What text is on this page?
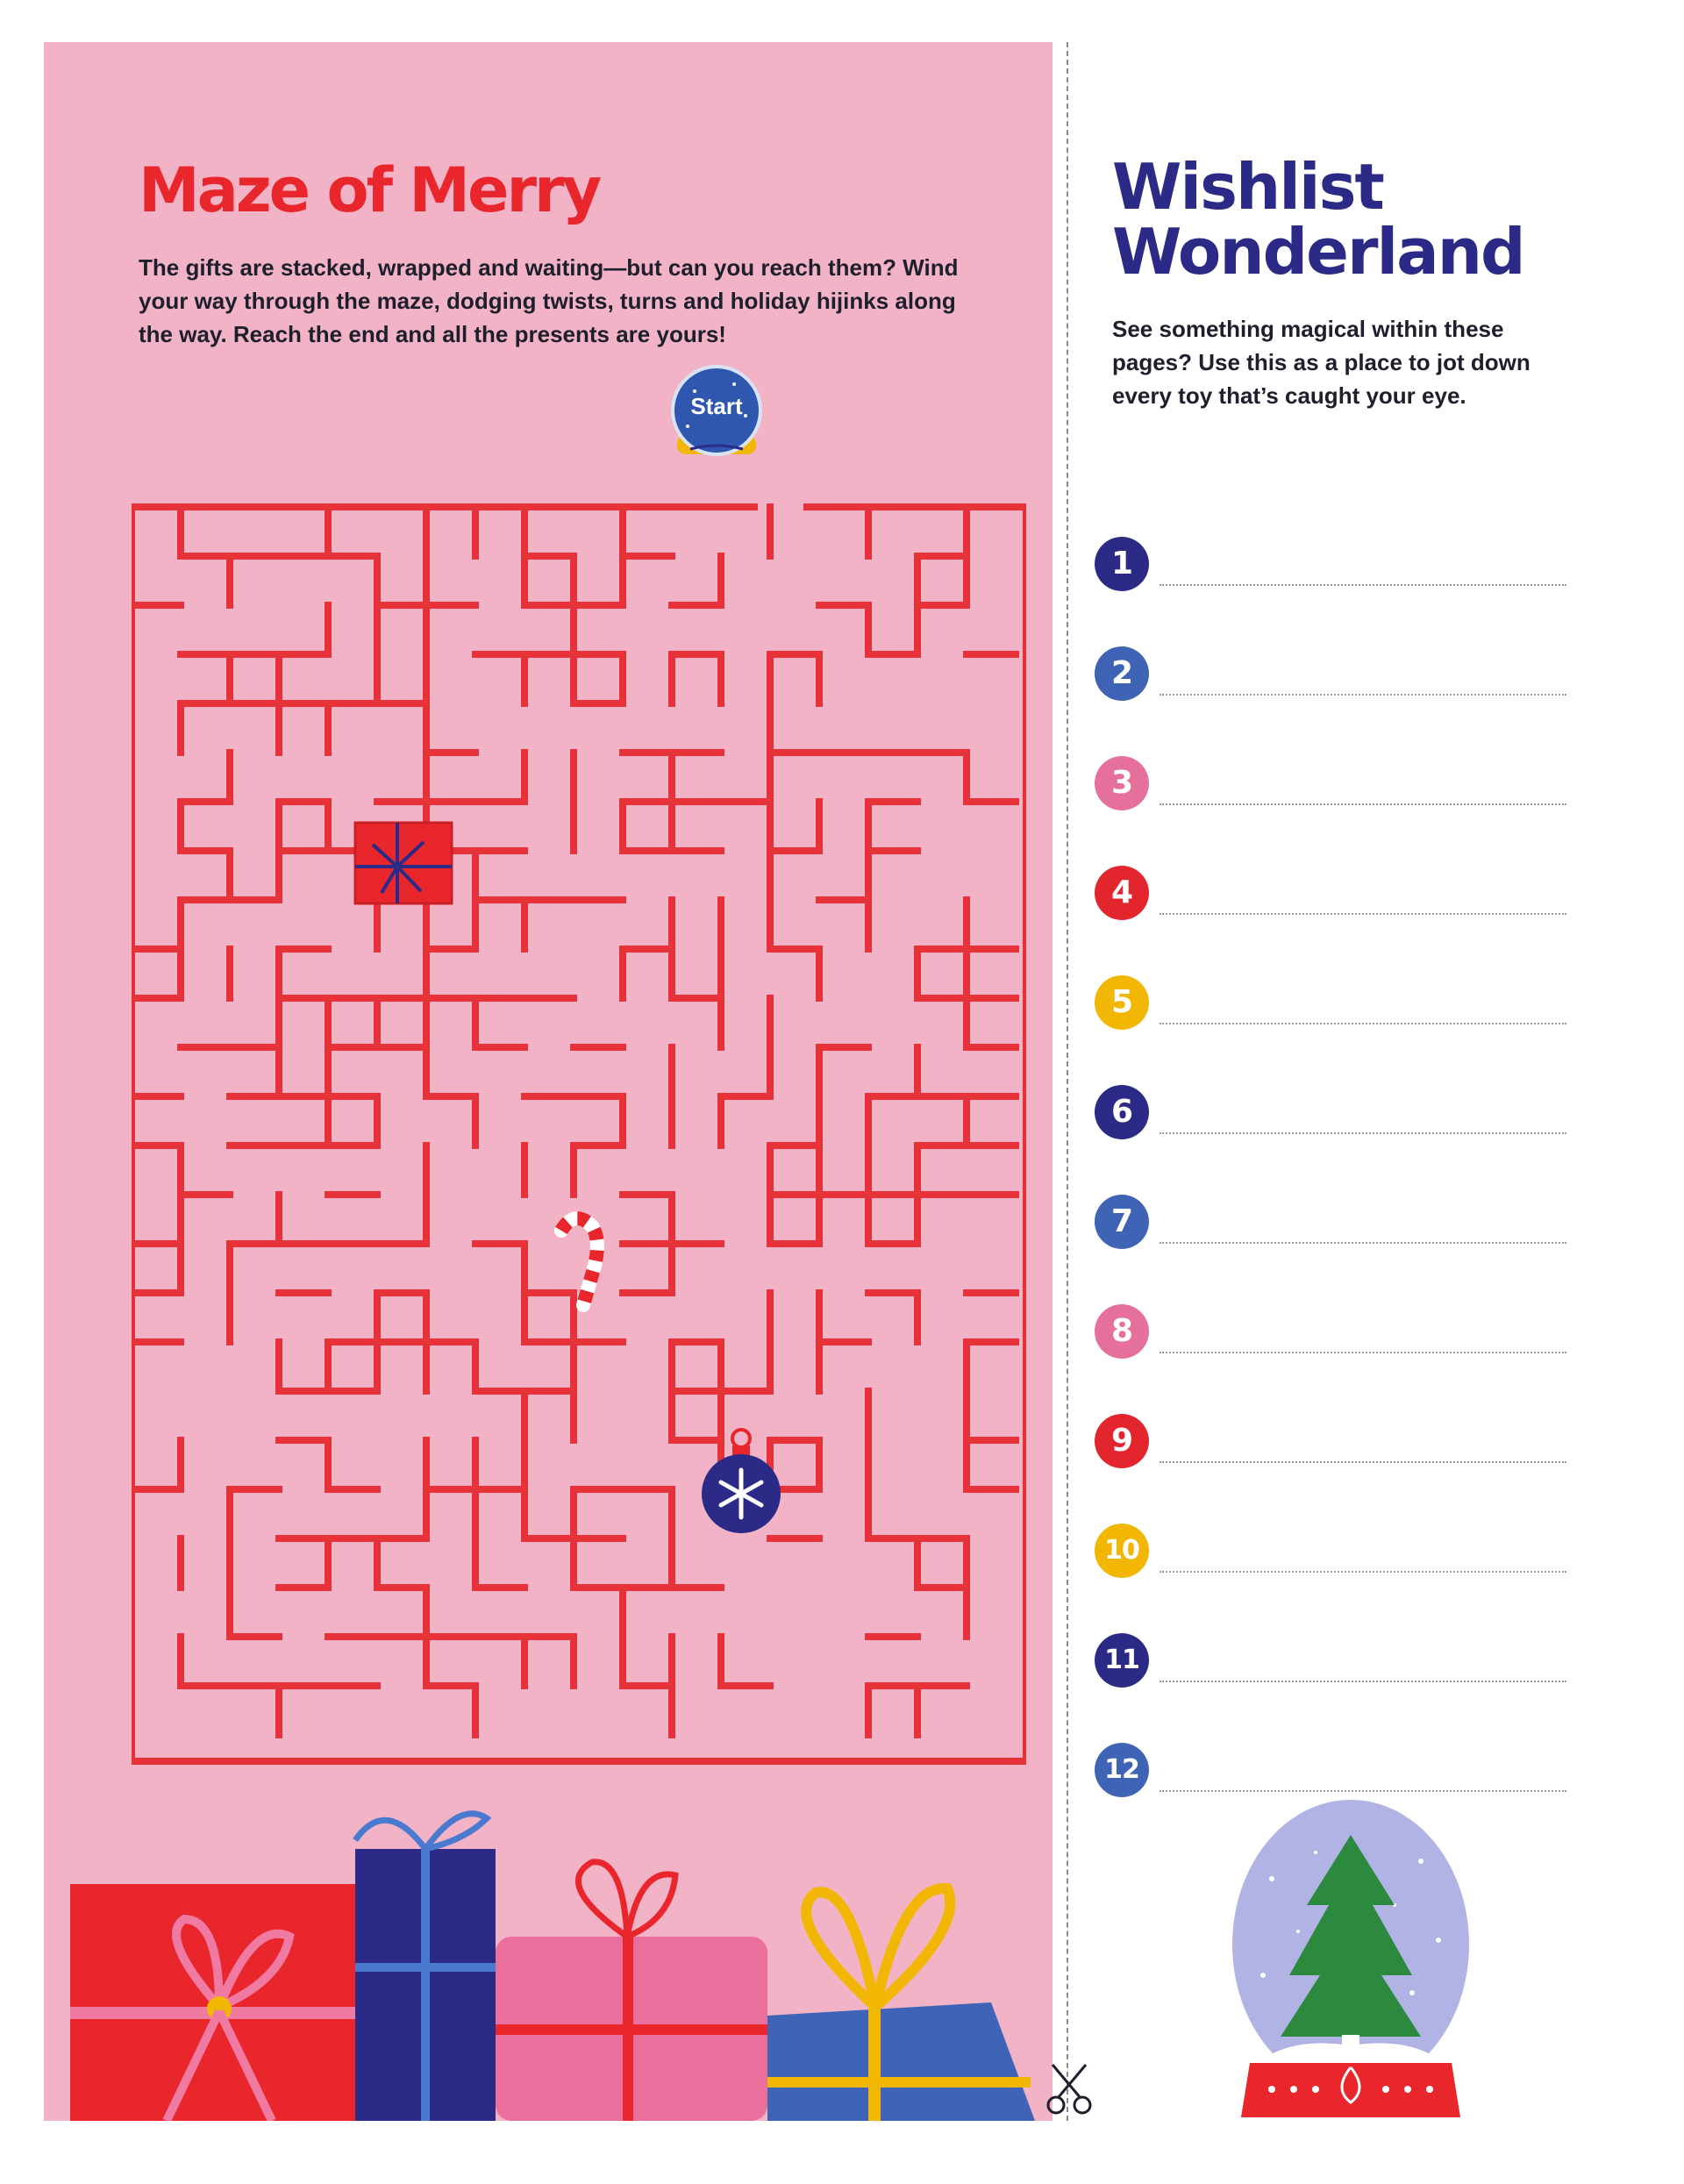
Maze of Merry

The gifts are stacked, wrapped and waiting—but can you reach them? Wind your way through the maze, dodging twists, turns and holiday hijinks along the way. Reach the end and all the presents are yours!

Start
Wishlist
Wonderland

See something magical within these pages? Use this as a place to jot down every toy that’s caught your eye.

1
2
3
4
5
6
7
8
9
10
11
12
